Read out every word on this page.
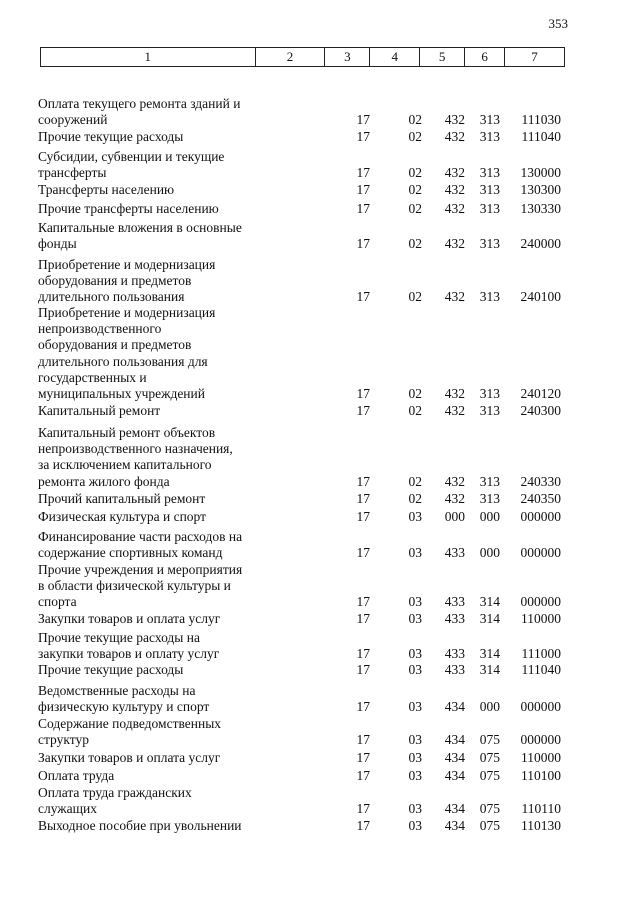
353
1	2	3	4	5	6	7
Оплата текущего ремонта зданий и
сооружений	17	02	432	313	111030
Прочие текущие расходы	17	02	432	313	111040
Субсидии, субвенции и текущие
трансферты	17	02	432	313	130000
Трансферты населению	17	02	432	313	130300
Прочие трансферты населению	17	02	432	313	130330
Капитальные вложения в основные
фонды	17	02	432	313	240000
Приобретение и модернизация
оборудования и предметов
длительного пользования	17	02	432	313	240100
Приобретение и модернизация
непроизводственного
оборудования и предметов
длительного пользования для
государственных и
муниципальных учреждений	17	02	432	313	240120
Капитальный ремонт	17	02	432	313	240300
Капитальный ремонт объектов
непроизводственного назначения,
за исключением капитального
ремонта жилого фонда	17	02	432	313	240330
Прочий капитальный ремонт	17	02	432	313	240350
Физическая культура и спорт	17	03	000	000	000000
Финансирование части расходов на
содержание спортивных команд	17	03	433	000	000000
Прочие учреждения и мероприятия
в области физической культуры и
спорта	17	03	433	314	000000
Закупки товаров и оплата услуг	17	03	433	314	110000
Прочие текущие расходы на
закупки товаров и оплату услуг	17	03	433	314	111000
Прочие текущие расходы	17	03	433	314	111040
Ведомственные расходы на
физическую культуру и спорт	17	03	434	000	000000
Содержание подведомственных
структур	17	03	434	075	000000
Закупки товаров и оплата услуг	17	03	434	075	110000
Оплата труда	17	03	434	075	110100
Оплата труда гражданских
служащих	17	03	434	075	110110
Выходное пособие при увольнении	17	03	434	075	110130
